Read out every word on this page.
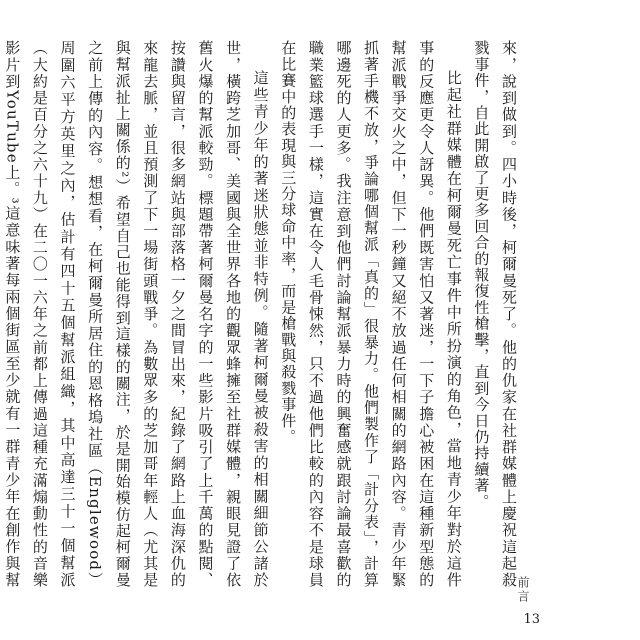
來，說到做到。四小時後，柯爾曼死了。他的仇家在社群媒體上慶祝這起殺戮事件，自此開啟了更多回合的報復性槍擊，直到今日仍持續著。

比起社群媒體在柯爾曼死亡事件中所扮演的角色，當地青少年對於這件事的反應更令人訝異。他們既害怕又著迷，一下子擔心被困在這種新型態的幫派戰爭交火之中，但下一秒鐘又絕不放過任何相關的網路內容。青少年緊抓著手機不放，爭論哪個幫派「真的」很暴力。他們製作了「計分表」，計算哪邊死的人更多。我注意到他們討論幫派暴力時的興奮感就跟討論最喜歡的職業籃球選手一樣，這實在令人毛骨悚然，只不過他們比較的內容不是球員在比賽中的表現與三分球命中率，而是槍戰與殺戮事件。

這些青少年的著迷狀態並非特例。隨著柯爾曼被殺害的相關細節公諸於世，橫跨芝加哥、美國與全世界各地的觀眾蜂擁至社群媒體，親眼見證了依舊火爆的幫派較勁。標題帶著柯爾曼名字的一些影片吸引了上千萬的點閱、按讚與留言，很多網站與部落格一夕之間冒出來，紀錄了網路上血海深仇的來龍去脈，並且預測了下一場街頭戰爭。為數眾多的芝加哥年輕人（尤其是與幫派扯上關係的²）希望自己也能得到這樣的關注，於是開始模仿起柯爾曼之前上傳的內容。想想看，在柯爾曼所居住的恩格塢社區（Englewood）周圍六平方英里之內，估計有四十五個幫派組織，其中高達三十一個幫派（大約是百分之六十九）在二〇一六年之前都上傳過這種充滿煽動性的音樂影片到YouTube上。³這意味著每兩個街區至少就有一群青少年在創作與幫	前言
13
